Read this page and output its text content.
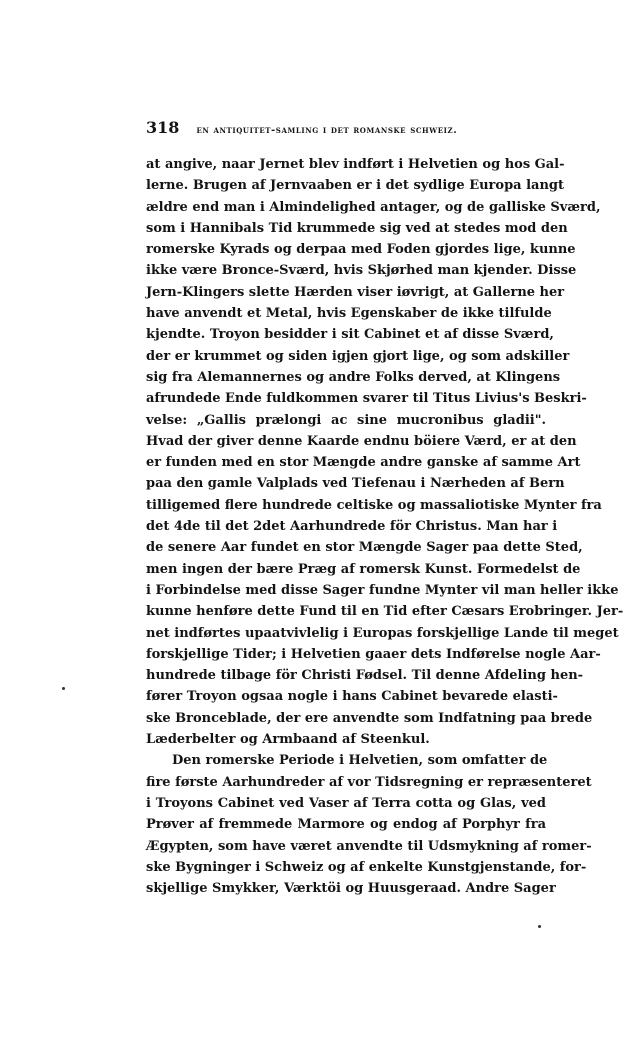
318 en antiquitet-samling i det romanske schweiz.
at angive, naar Jernet blev indført i Helvetien og hos Gal-
lerne. Brugen af Jernvaaben er i det sydlige Europa langt
ældre end man i Almindelighed antager, og de galliske Sværd,
som i Hannibals Tid krummede sig ved at stedes mod den
romerske Kyrads og derpaa med Foden gjordes lige, kunne
ikke være Bronce-Sværd, hvis Skjørhed man kjender. Disse
Jern-Klingers slette Hærden viser iøvrigt, at Gallerne her
have anvendt et Metal, hvis Egenskaber de ikke tilfulde
kjendte. Troyon besidder i sit Cabinet et af disse Sværd,
der er krummet og siden igjen gjort lige, og som adskiller
sig fra Alemannernes og andre Folks derved, at Klingens
afrundede Ende fuldkommen svarer til Titus Livius's Beskri-
velse: „Gallis prælongi ac sine mucronibus gladii".
Hvad der giver denne Kaarde endnu böiere Værd, er at den
er funden med en stor Mængde andre ganske af samme Art
paa den gamle Valplads ved Tiefenau i Nærheden af Bern
tilligemed flere hundrede celtiske og massaliotiske Mynter fra
det 4de til det 2det Aarhundrede för Christus. Man har i
de senere Aar fundet en stor Mængde Sager paa dette Sted,
men ingen der bære Præg af romersk Kunst. Formedelst de
i Forbindelse med disse Sager fundne Mynter vil man heller ikke
kunne henføre dette Fund til en Tid efter Cæsars Erobringer. Jer-
net indførtes upaatvivlelig i Europas forskjellige Lande til meget
forskjellige Tider; i Helvetien gaaer dets Indførelse nogle Aar-
hundrede tilbage för Christi Fødsel. Til denne Afdeling hen-
fører Troyon ogsaa nogle i hans Cabinet bevarede elasti-
ske Bronceblade, der ere anvendte som Indfatning paa brede
Læderbelter og Armbaand af Steenkul.
Den romerske Periode i Helvetien, som omfatter de
fire første Aarhundreder af vor Tidsregning er repræsenteret
i Troyons Cabinet ved Vaser af Terra cotta og Glas, ved
Prøver af fremmede Marmore og endog af Porphyr fra
Ægypten, som have været anvendte til Udsmykning af romer-
ske Bygninger i Schweiz og af enkelte Kunstgjenstande, for-
skjellige Smykker, Værktöi og Huusgeraad. Andre Sager
